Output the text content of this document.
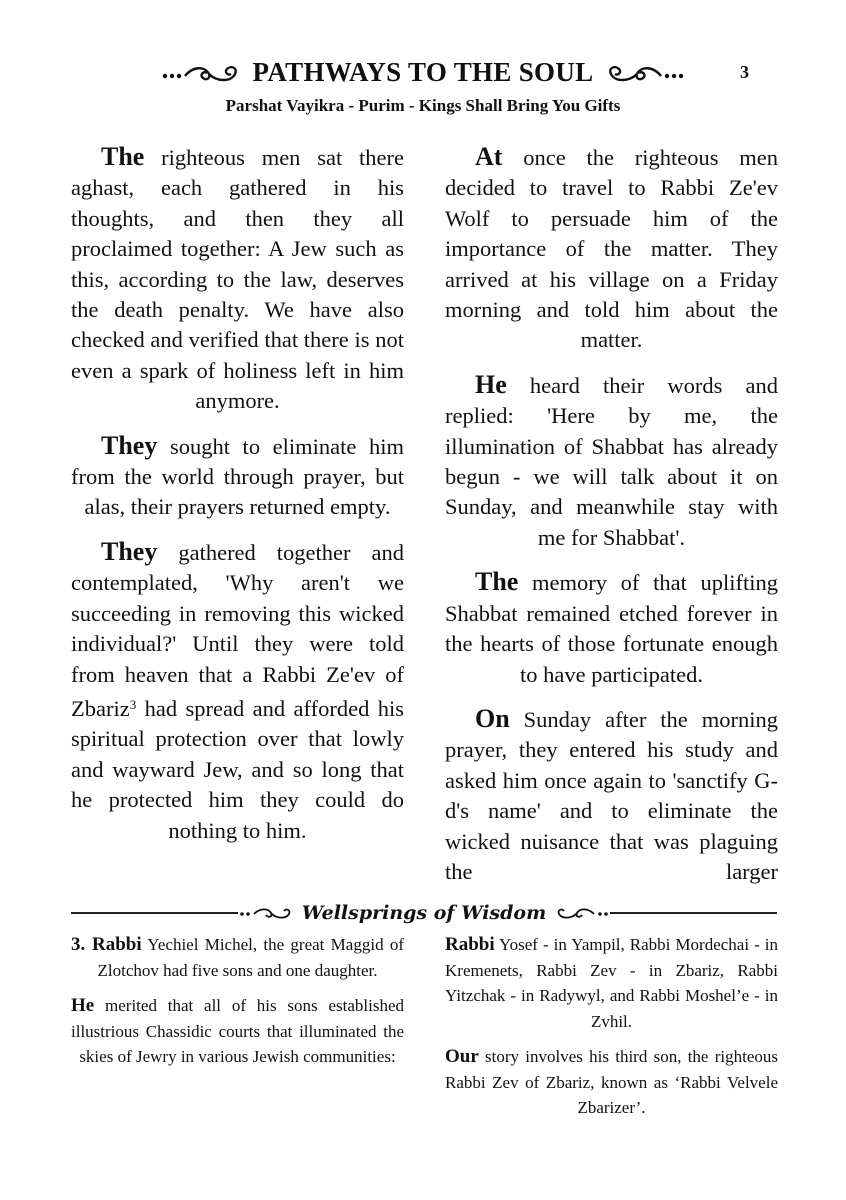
PATHWAYS TO THE SOUL	3
Parshat Vayikra - Purim - Kings Shall Bring You Gifts

The righteous men sat there aghast, each gathered in his thoughts, and then they all proclaimed together: A Jew such as this, according to the law, deserves the death penalty. We have also checked and verified that there is not even a spark of holiness left in him anymore.

They sought to eliminate him from the world through prayer, but alas, their prayers returned empty.

They gathered together and contemplated, 'Why aren't we succeeding in removing this wicked individual?' Until they were told from heaven that a Rabbi Ze'ev of Zbariz$^3$ had spread and afforded his spiritual protection over that lowly and wayward Jew, and so long that he protected him they could do nothing to him.

At once the righteous men decided to travel to Rabbi Ze'ev Wolf to persuade him of the importance of the matter. They arrived at his village on a Friday morning and told him about the matter.

He heard their words and replied: 'Here by me, the illumination of Shabbat has already begun - we will talk about it on Sunday, and meanwhile stay with me for Shabbat'.

The memory of that uplifting Shabbat remained etched forever in the hearts of those fortunate enough to have participated.

On Sunday after the morning prayer, they entered his study and asked him once again to 'sanctify G-d's name' and to eliminate the wicked nuisance that was plaguing the larger

Wellsprings of Wisdom

3. Rabbi Yechiel Michel, the great Maggid of Zlotchov had five sons and one daughter.

He merited that all of his sons established illustrious Chassidic courts that illuminated the skies of Jewry in various Jewish communities:

Rabbi Yosef - in Yampil, Rabbi Mordechai - in Kremenets, Rabbi Zev - in Zbariz, Rabbi Yitzchak - in Radywyl, and Rabbi Moshel’e - in Zvhil.

Our story involves his third son, the righteous Rabbi Zev of Zbariz, known as ‘Rabbi Velvele Zbarizer’.
